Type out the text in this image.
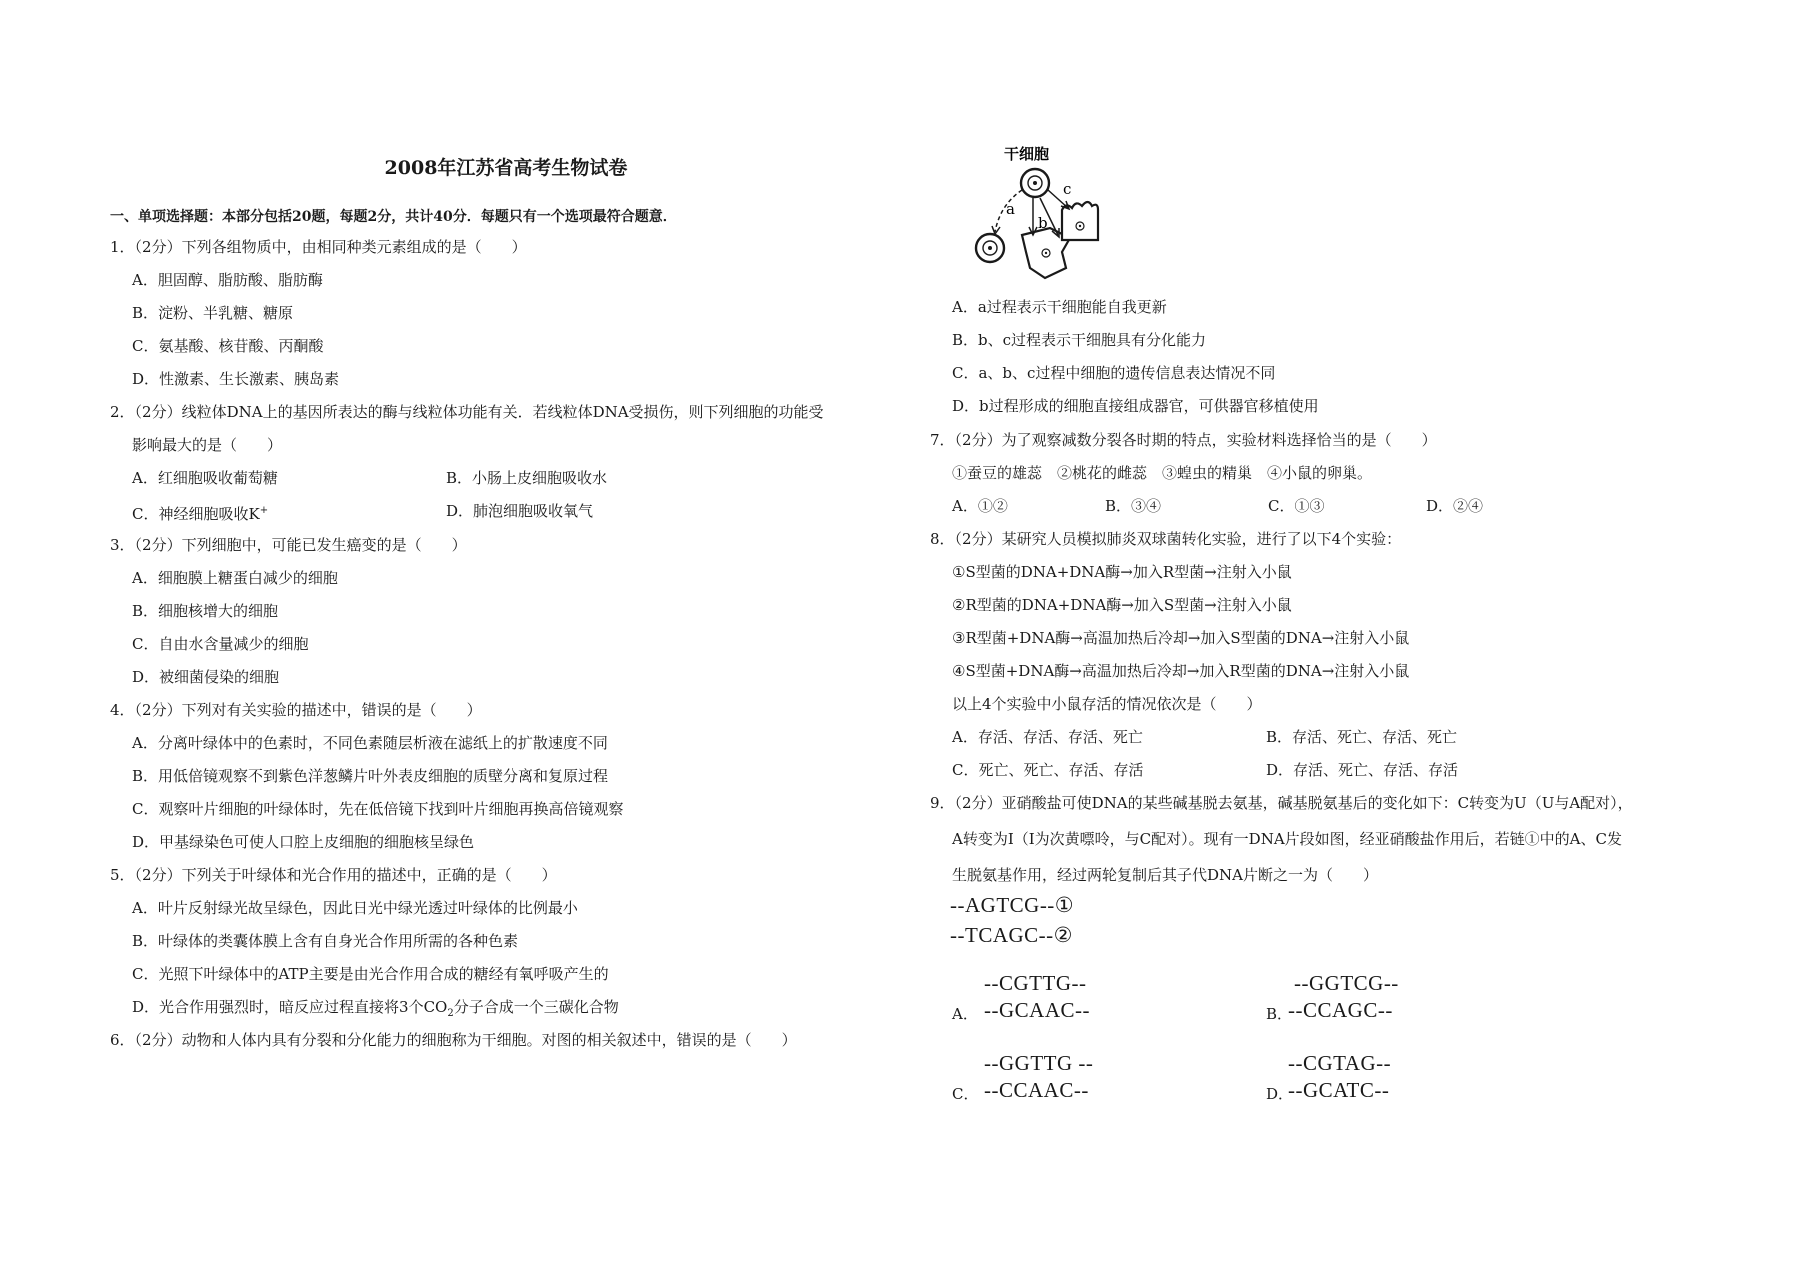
2008年江苏省高考生物试卷
一、单项选择题：本部分包括20题，每题2分，共计40分．每题只有一个选项最符合题意．
1．（2分）下列各组物质中，由相同种类元素组成的是（　　）
A．胆固醇、脂肪酸、脂肪酶
B．淀粉、半乳糖、糖原
C．氨基酸、核苷酸、丙酮酸
D．性激素、生长激素、胰岛素
2．（2分）线粒体DNA上的基因所表达的酶与线粒体功能有关．若线粒体DNA受损伤，则下列细胞的功能受
影响最大的是（　　）
A．红细胞吸收葡萄糖	B．小肠上皮细胞吸收水
C．神经细胞吸收K+	D．肺泡细胞吸收氧气
3．（2分）下列细胞中，可能已发生癌变的是（　　）
A．细胞膜上糖蛋白减少的细胞
B．细胞核增大的细胞
C．自由水含量减少的细胞
D．被细菌侵染的细胞
4．（2分）下列对有关实验的描述中，错误的是（　　）
A．分离叶绿体中的色素时，不同色素随层析液在滤纸上的扩散速度不同
B．用低倍镜观察不到紫色洋葱鳞片叶外表皮细胞的质壁分离和复原过程
C．观察叶片细胞的叶绿体时，先在低倍镜下找到叶片细胞再换高倍镜观察
D．甲基绿染色可使人口腔上皮细胞的细胞核呈绿色
5．（2分）下列关于叶绿体和光合作用的描述中，正确的是（　　）
A．叶片反射绿光故呈绿色，因此日光中绿光透过叶绿体的比例最小
B．叶绿体的类囊体膜上含有自身光合作用所需的各种色素
C．光照下叶绿体中的ATP主要是由光合作用合成的糖经有氧呼吸产生的
D．光合作用强烈时，暗反应过程直接将3个$CO_2$分子合成一个三碳化合物
6．（2分）动物和人体内具有分裂和分化能力的细胞称为干细胞。对图的相关叙述中，错误的是（　　）
干细胞
a
b
c
A．a过程表示干细胞能自我更新
B．b、c过程表示干细胞具有分化能力
C．a、b、c过程中细胞的遗传信息表达情况不同
D．b过程形成的细胞直接组成器官，可供器官移植使用
7．（2分）为了观察减数分裂各时期的特点，实验材料选择恰当的是（　　）
①蚕豆的雄蕊　②桃花的雌蕊　③蝗虫的精巢　④小鼠的卵巢。
A．①②	B．③④	C．①③	D．②④
8．（2分）某研究人员模拟肺炎双球菌转化实验，进行了以下4个实验：
①S型菌的DNA+DNA酶→加入R型菌→注射入小鼠
②R型菌的DNA+DNA酶→加入S型菌→注射入小鼠
③R型菌+DNA酶→高温加热后冷却→加入S型菌的DNA→注射入小鼠
④S型菌+DNA酶→高温加热后冷却→加入R型菌的DNA→注射入小鼠
以上4个实验中小鼠存活的情况依次是（　　）
A．存活、存活、存活、死亡	B．存活、死亡、存活、死亡
C．死亡、死亡、存活、存活	D．存活、死亡、存活、存活
9．（2分）亚硝酸盐可使DNA的某些碱基脱去氨基，碱基脱氨基后的变化如下：C转变为U（U与A配对），
A转变为I（I为次黄嘌呤，与C配对）。现有一DNA片段如图，经亚硝酸盐作用后，若链①中的A、C发
生脱氨基作用，经过两轮复制后其子代DNA片断之一为（　　）
--AGTCG--①
--TCAGC--②
--CGTTG--
A． --GCAAC--
--GGTCG--
B．
--CCAGC--
--GGTTG --
C． --CCAAC--
--CGTAG--
D．
--GCATC--
